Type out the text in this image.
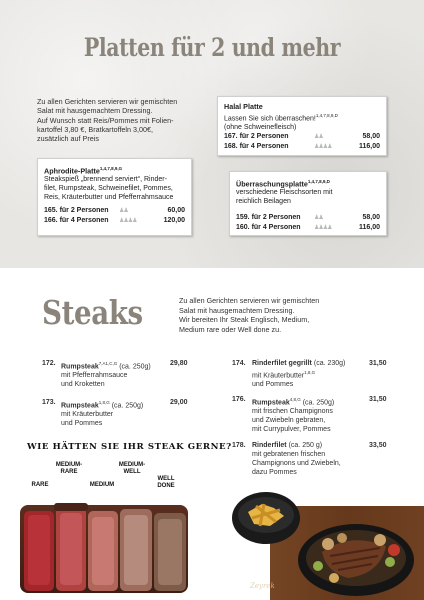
Platten für 2 und mehr
Zu allen Gerichten servieren wir gemischten
Salat mit hausgemachtem Dressing.
Auf Wunsch statt Reis/Pommes mit Folien-
kartoffel 3,80 €, Bratkartoffeln 3,00€,
zusätzlich auf Preis
Halal Platte
Lassen Sie sich überraschen!$^{1,4,7,8,9,D}$
(ohne Schweinefleisch)
167. für 2 Personen	♟♟	58,00
168. für 4 Personen	♟♟♟♟	116,00
Aphrodite-Platte$^{1,4,7,8,9,G}$
Steakspieß „brennend serviert“, Rinder-
filet, Rumpsteak, Schweinefilet, Pommes,
Reis, Kräuterbutter und Pfefferrahmsauce
165. für 2 Personen	♟♟	60,00
166. für 4 Personen	♟♟♟♟	120,00
Überraschungsplatte$^{1,4,7,8,9,D}$
verschiedene Fleischsorten mit
reichlich Beilagen
159. für 2 Personen	♟♟	58,00
160. für 4 Personen	♟♟♟♟	116,00
Steaks	Zu allen Gerichten servieren wir gemischten
Salat mit hausgemachtem Dressing.
Wir bereiten Ihr Steak Englisch, Medium,
Medium rare oder Well done zu.
172. Rumpsteak$^{7,A1,C,G}$ (ca. 250g)
mit Pfefferrahmsauce
und Kroketten
29,80
173. Rumpsteak$^{1,8,G}$ (ca. 250g)
mit Kräuterbutter
und Pommes
29,00
174. Rinderfilet gegrillt (ca. 230g)
mit Kräuterbutter$^{1,8,G}$
und Pommes
31,50
176. Rumpsteak$^{4,8,G}$ (ca. 250g)
mit frischen Champignons
und Zwiebeln gebraten,
mit Currypulver, Pommes
31,50
178. Rinderfilet (ca. 250 g)
mit gebratenen frischen
Champignons und Zwiebeln,
dazu Pommes
33,50
WIE HÄTTEN SIE IHR STEAK GERNE?
RARE
MEDIUM-
RARE
MEDIUM
MEDIUM-
WELL
WELL
DONE
Zeyrek
